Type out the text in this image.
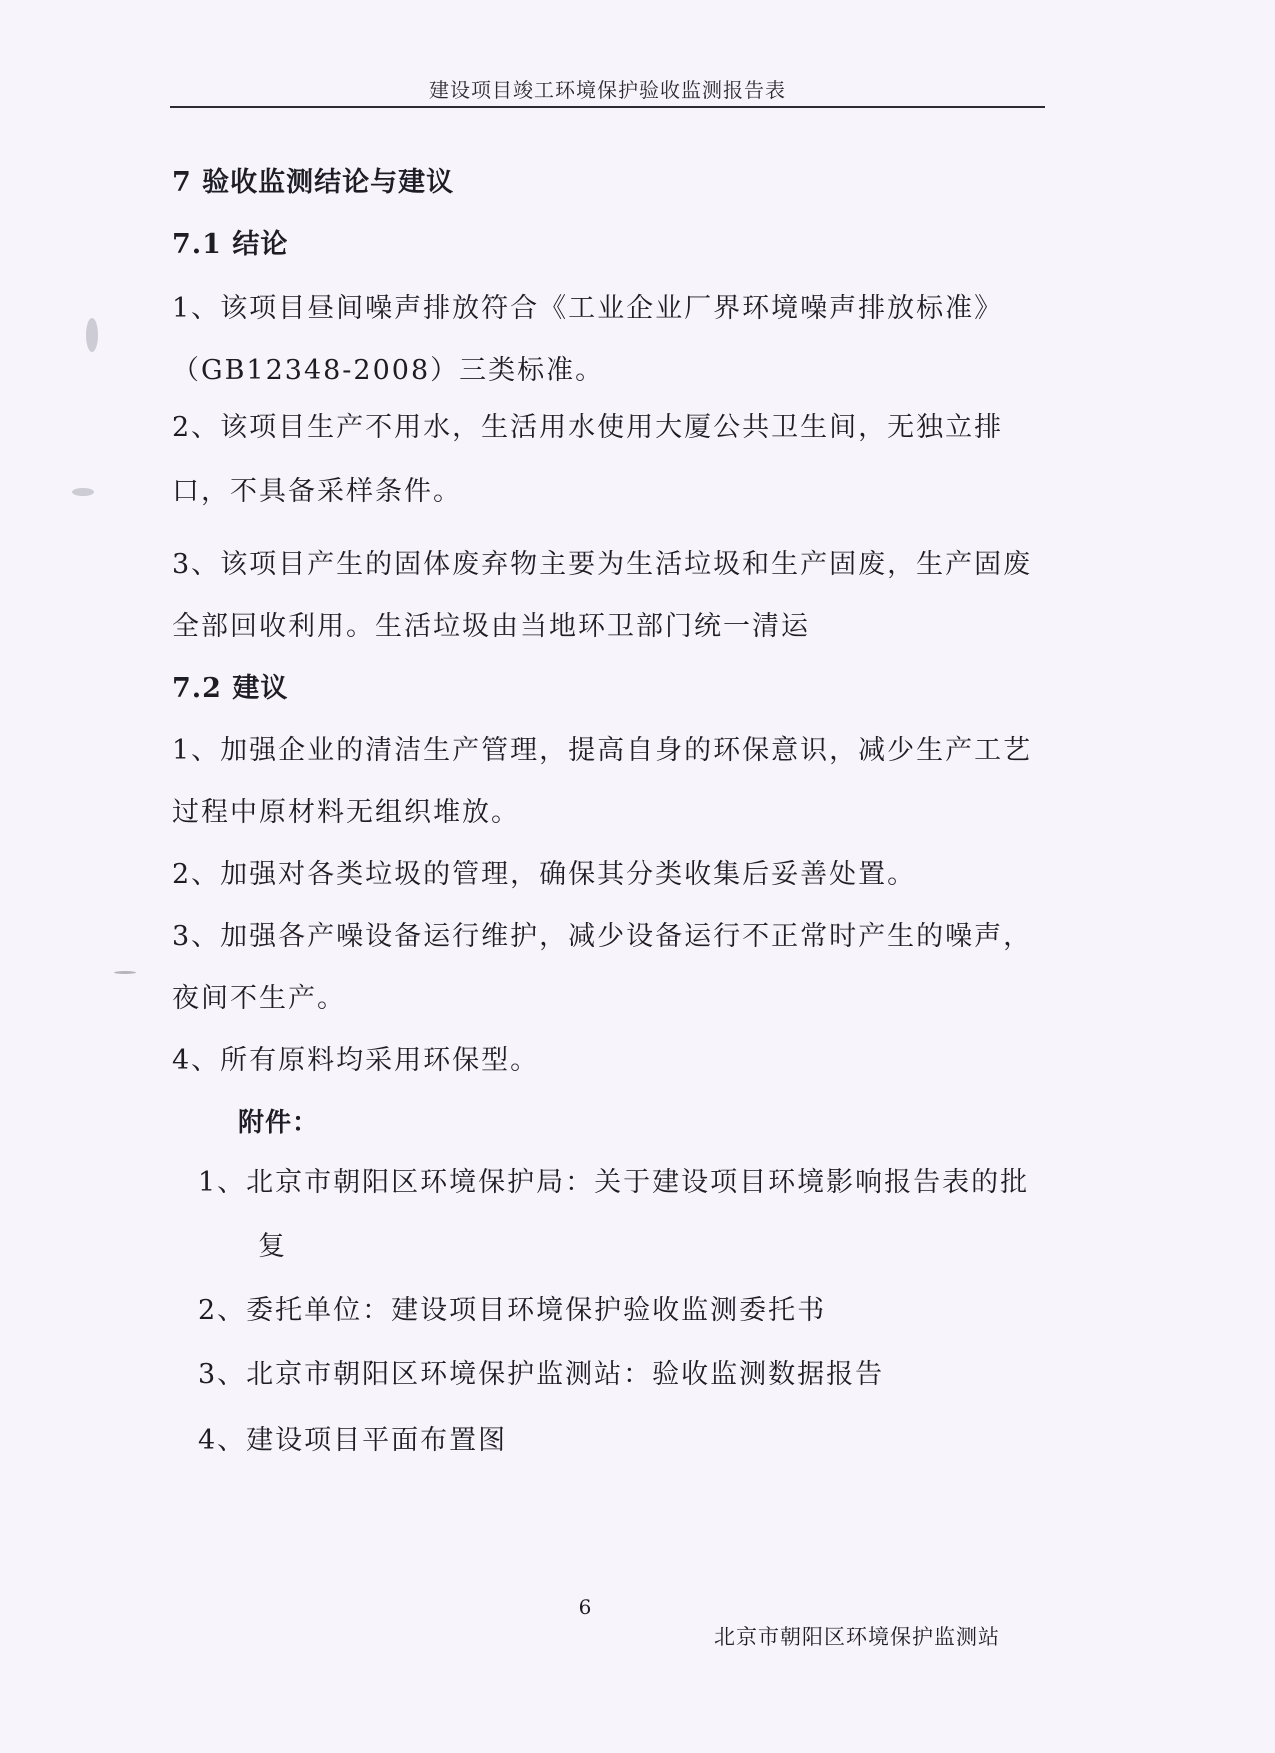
建设项目竣工环境保护验收监测报告表
7 验收监测结论与建议
7.1 结论
1、该项目昼间噪声排放符合《工业企业厂界环境噪声排放标准》
（GB12348-2008）三类标准。
2、该项目生产不用水，生活用水使用大厦公共卫生间，无独立排
口，不具备采样条件。
3、该项目产生的固体废弃物主要为生活垃圾和生产固废，生产固废
全部回收利用。生活垃圾由当地环卫部门统一清运
7.2 建议
1、加强企业的清洁生产管理，提高自身的环保意识，减少生产工艺
过程中原材料无组织堆放。
2、加强对各类垃圾的管理，确保其分类收集后妥善处置。
3、加强各产噪设备运行维护，减少设备运行不正常时产生的噪声，
夜间不生产。
4、所有原料均采用环保型。
附件：
1、北京市朝阳区环境保护局：关于建设项目环境影响报告表的批
复
2、委托单位：建设项目环境保护验收监测委托书
3、北京市朝阳区环境保护监测站：验收监测数据报告
4、建设项目平面布置图
6
北京市朝阳区环境保护监测站
